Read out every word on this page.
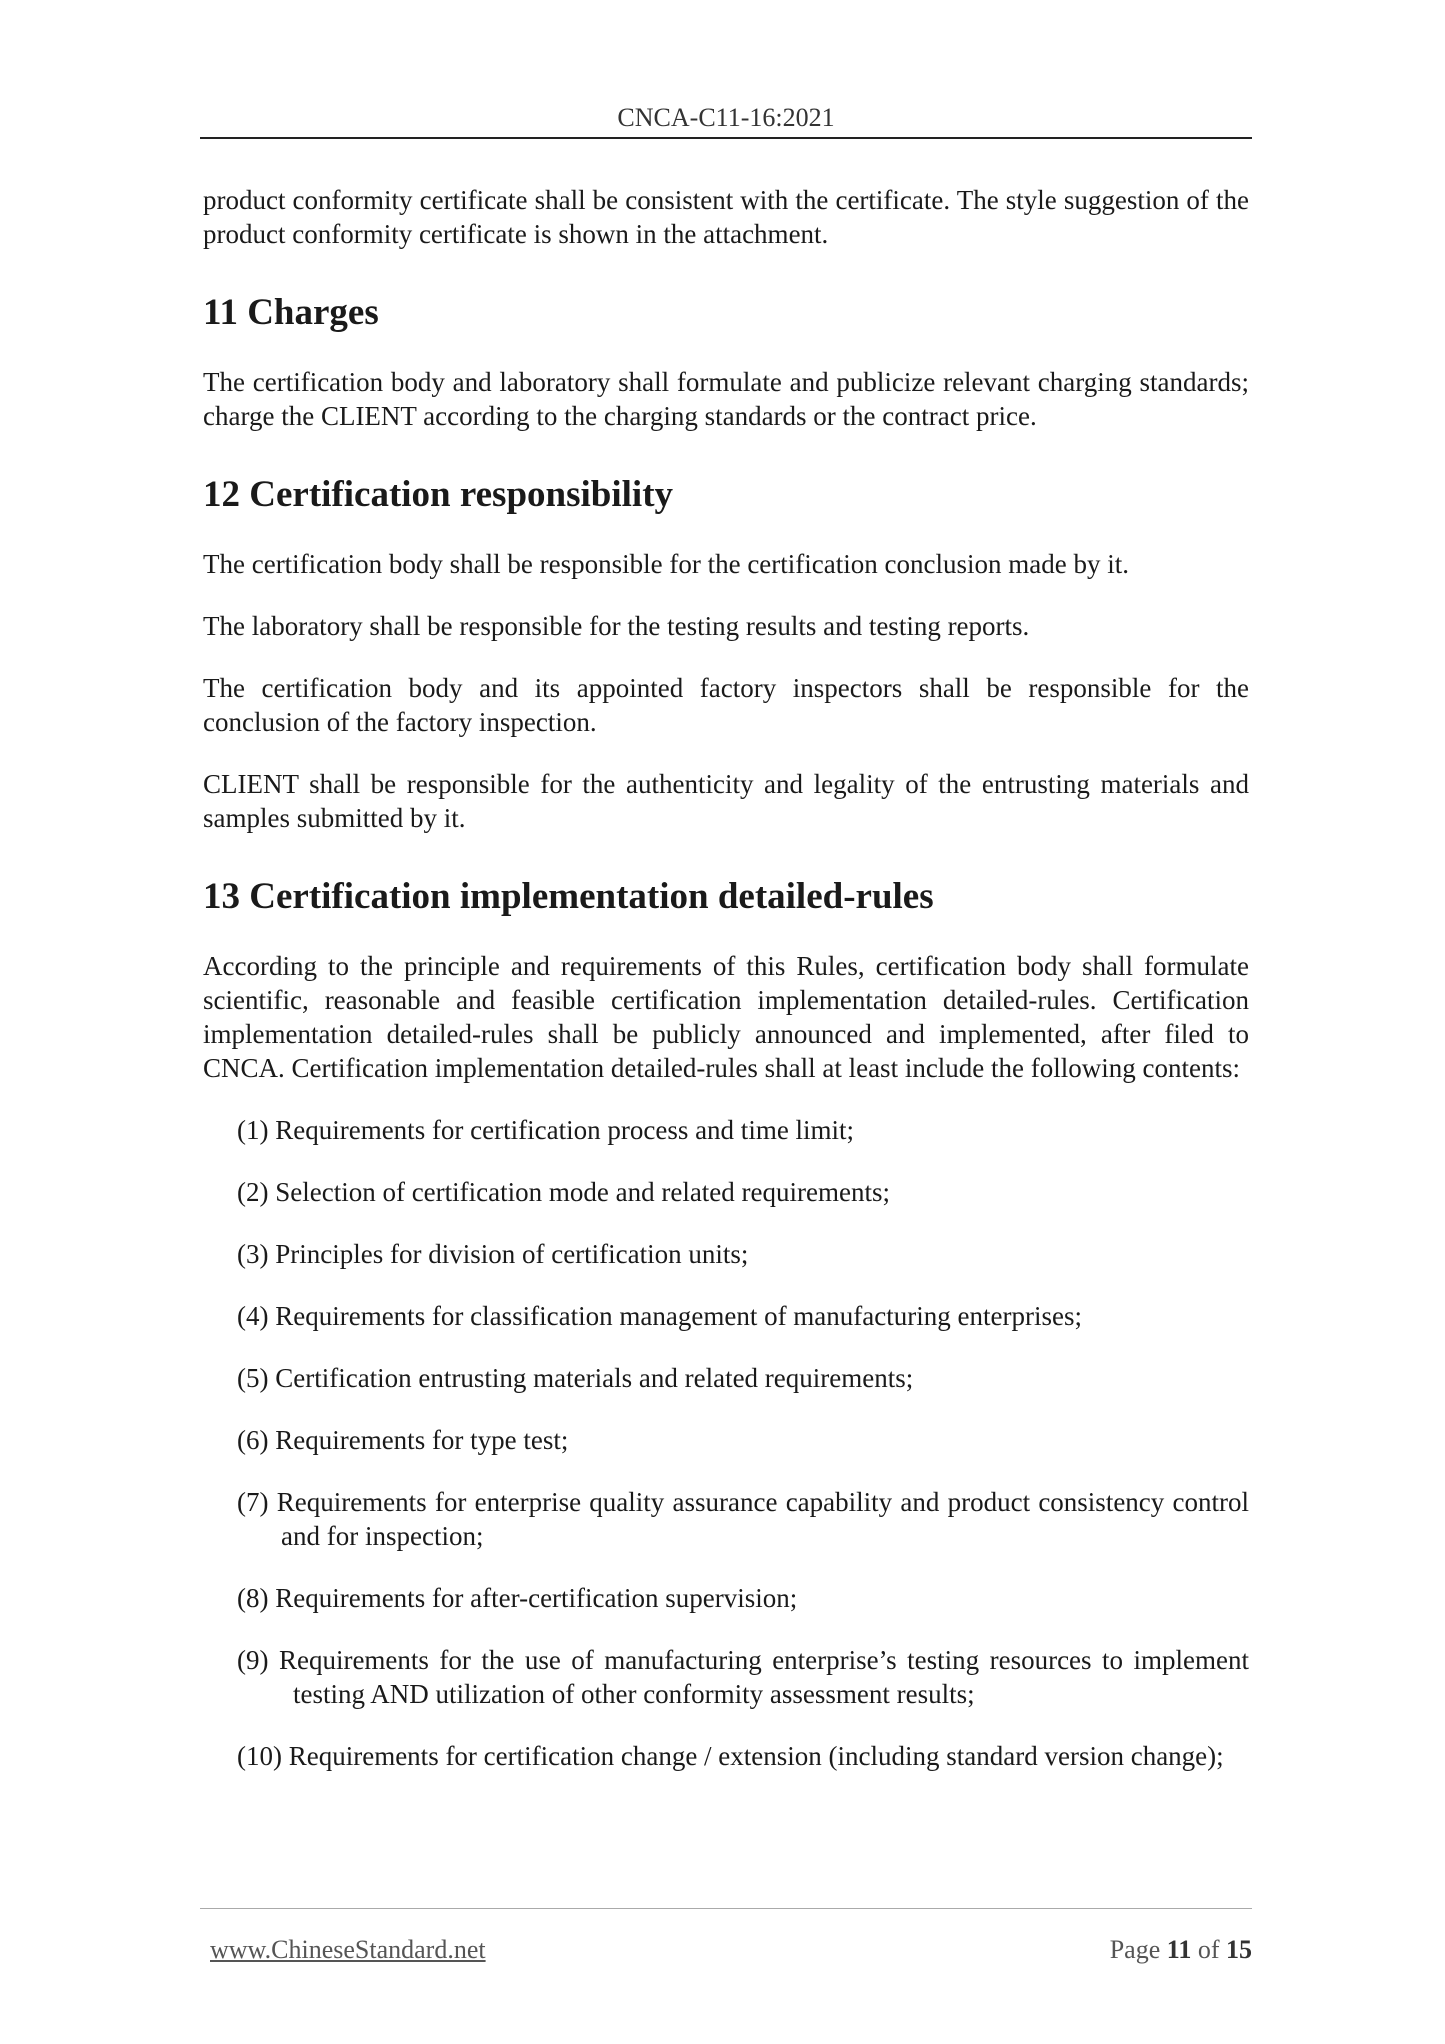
CNCA-C11-16:2021

product conformity certificate shall be consistent with the certificate. The style suggestion of the product conformity certificate is shown in the attachment.

11 Charges

The certification body and laboratory shall formulate and publicize relevant charging standards; charge the CLIENT according to the charging standards or the contract price.

12 Certification responsibility

The certification body shall be responsible for the certification conclusion made by it.

The laboratory shall be responsible for the testing results and testing reports.

The certification body and its appointed factory inspectors shall be responsible for the conclusion of the factory inspection.

CLIENT shall be responsible for the authenticity and legality of the entrusting materials and samples submitted by it.

13 Certification implementation detailed-rules

According to the principle and requirements of this Rules, certification body shall formulate scientific, reasonable and feasible certification implementation detailed-rules. Certification implementation detailed-rules shall be publicly announced and implemented, after filed to CNCA. Certification implementation detailed-rules shall at least include the following contents:

(1) Requirements for certification process and time limit;
(2) Selection of certification mode and related requirements;
(3) Principles for division of certification units;
(4) Requirements for classification management of manufacturing enterprises;
(5) Certification entrusting materials and related requirements;
(6) Requirements for type test;
(7) Requirements for enterprise quality assurance capability and product consistency control and for inspection;
(8) Requirements for after-certification supervision;
(9) Requirements for the use of manufacturing enterprise’s testing resources to implement testing AND utilization of other conformity assessment results;
(10) Requirements for certification change / extension (including standard version change);
www.ChineseStandard.net	Page 11 of 15
